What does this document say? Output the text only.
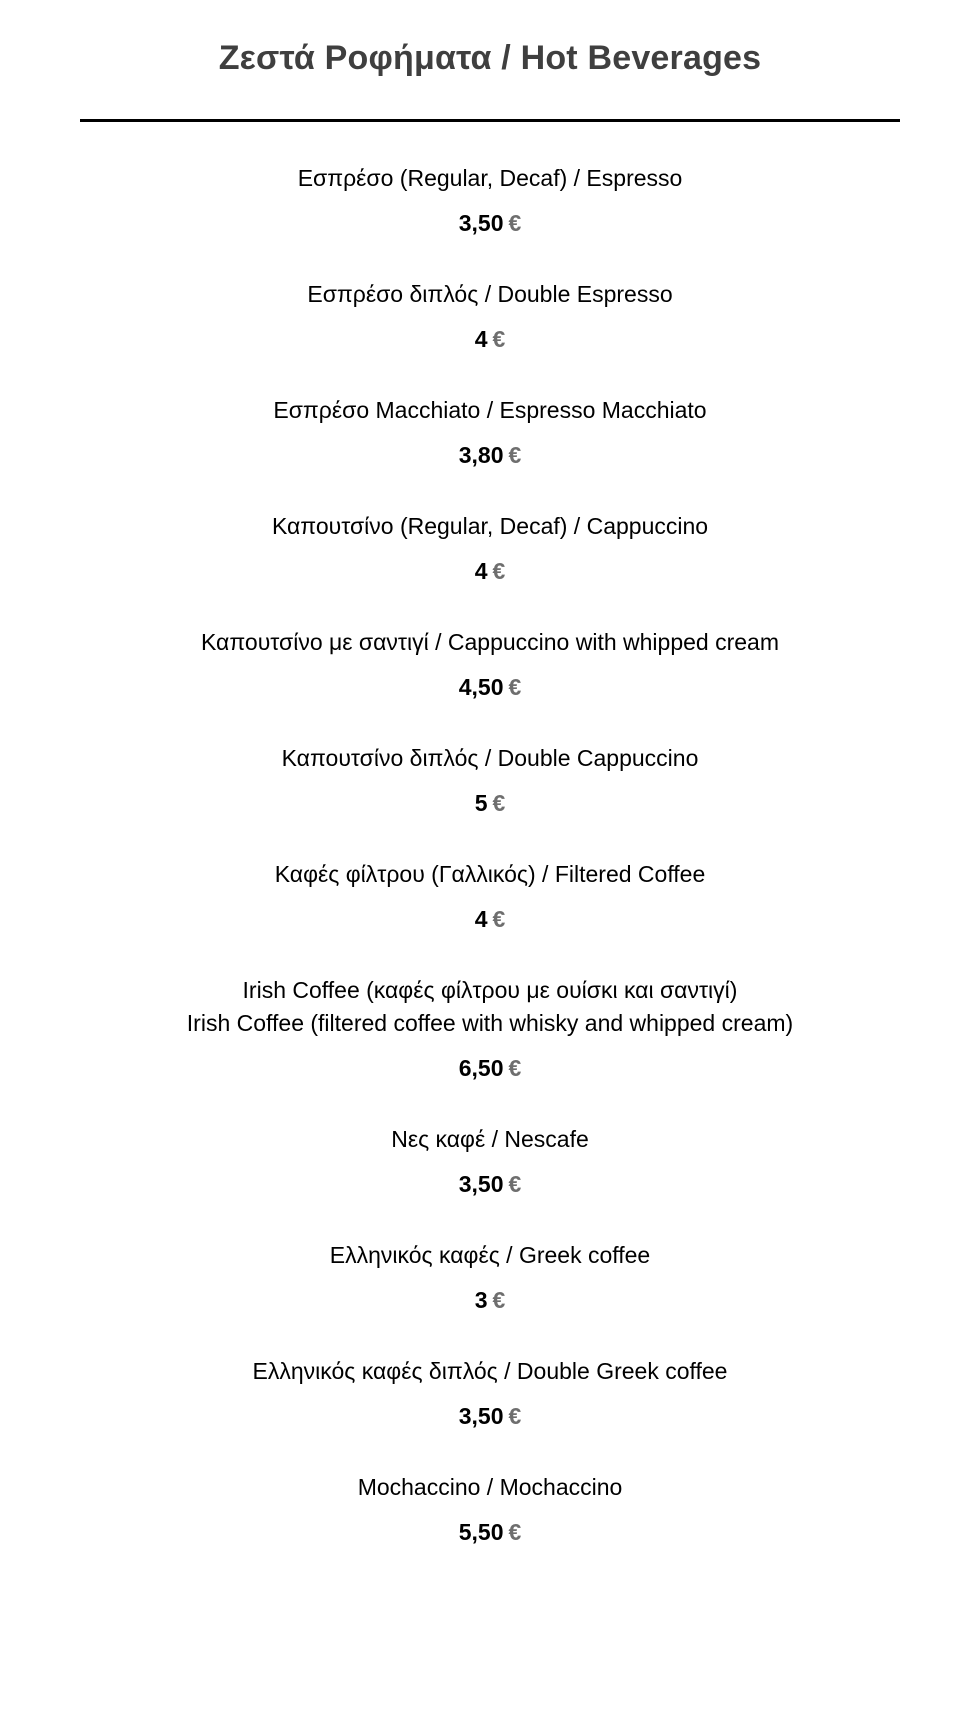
Ζεστά Ροφήματα / Hot Beverages
Εσπρέσο (Regular, Decaf) / Espresso
3,50 €
Εσπρέσο διπλός / Double Espresso
4 €
Εσπρέσο Macchiato / Espresso Macchiato
3,80 €
Καπουτσίνο (Regular, Decaf) / Cappuccino
4 €
Καπουτσίνο με σαντιγί / Cappuccino with whipped cream
4,50 €
Καπουτσίνο διπλός / Double Cappuccino
5 €
Καφές φίλτρου (Γαλλικός) / Filtered Coffee
4 €
Irish Coffee (καφές φίλτρου με ουίσκι και σαντιγί)
Irish Coffee (filtered coffee with whisky and whipped cream)
6,50 €
Νες καφέ / Nescafe
3,50 €
Ελληνικός καφές / Greek coffee
3 €
Ελληνικός καφές διπλός / Double Greek coffee
3,50 €
Mochaccino / Mochaccino
5,50 €
